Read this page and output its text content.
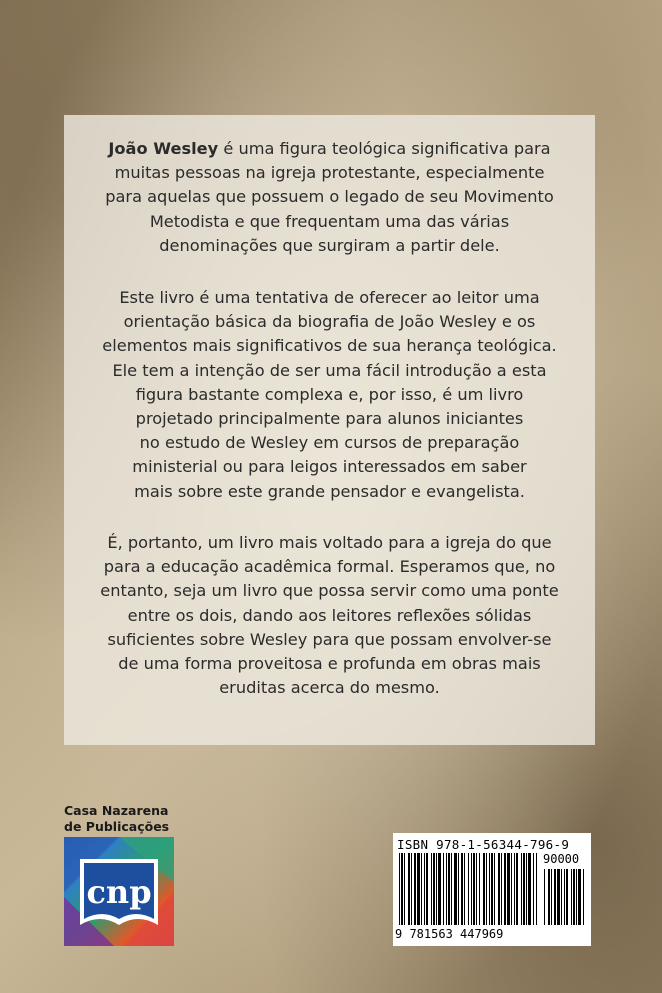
João Wesley é uma figura teológica significativa para
muitas pessoas na igreja protestante, especialmente
para aquelas que possuem o legado de seu Movimento
Metodista e que frequentam uma das várias
denominações que surgiram a partir dele.

Este livro é uma tentativa de oferecer ao leitor uma
orientação básica da biografia de João Wesley e os
elementos mais significativos de sua herança teológica.
Ele tem a intenção de ser uma fácil introdução a esta
figura bastante complexa e, por isso, é um livro
projetado principalmente para alunos iniciantes
no estudo de Wesley em cursos de preparação
ministerial ou para leigos interessados em saber
mais sobre este grande pensador e evangelista.

É, portanto, um livro mais voltado para a igreja do que
para a educação acadêmica formal. Esperamos que, no
entanto, seja um livro que possa servir como uma ponte
entre os dois, dando aos leitores reflexões sólidas
suficientes sobre Wesley para que possam envolver-se
de uma forma proveitosa e profunda em obras mais
eruditas acerca do mesmo.

Casa Nazarena
de Publicações
cnp
ISBN 978-1-56344-796-9
90000
9 781563 447969
